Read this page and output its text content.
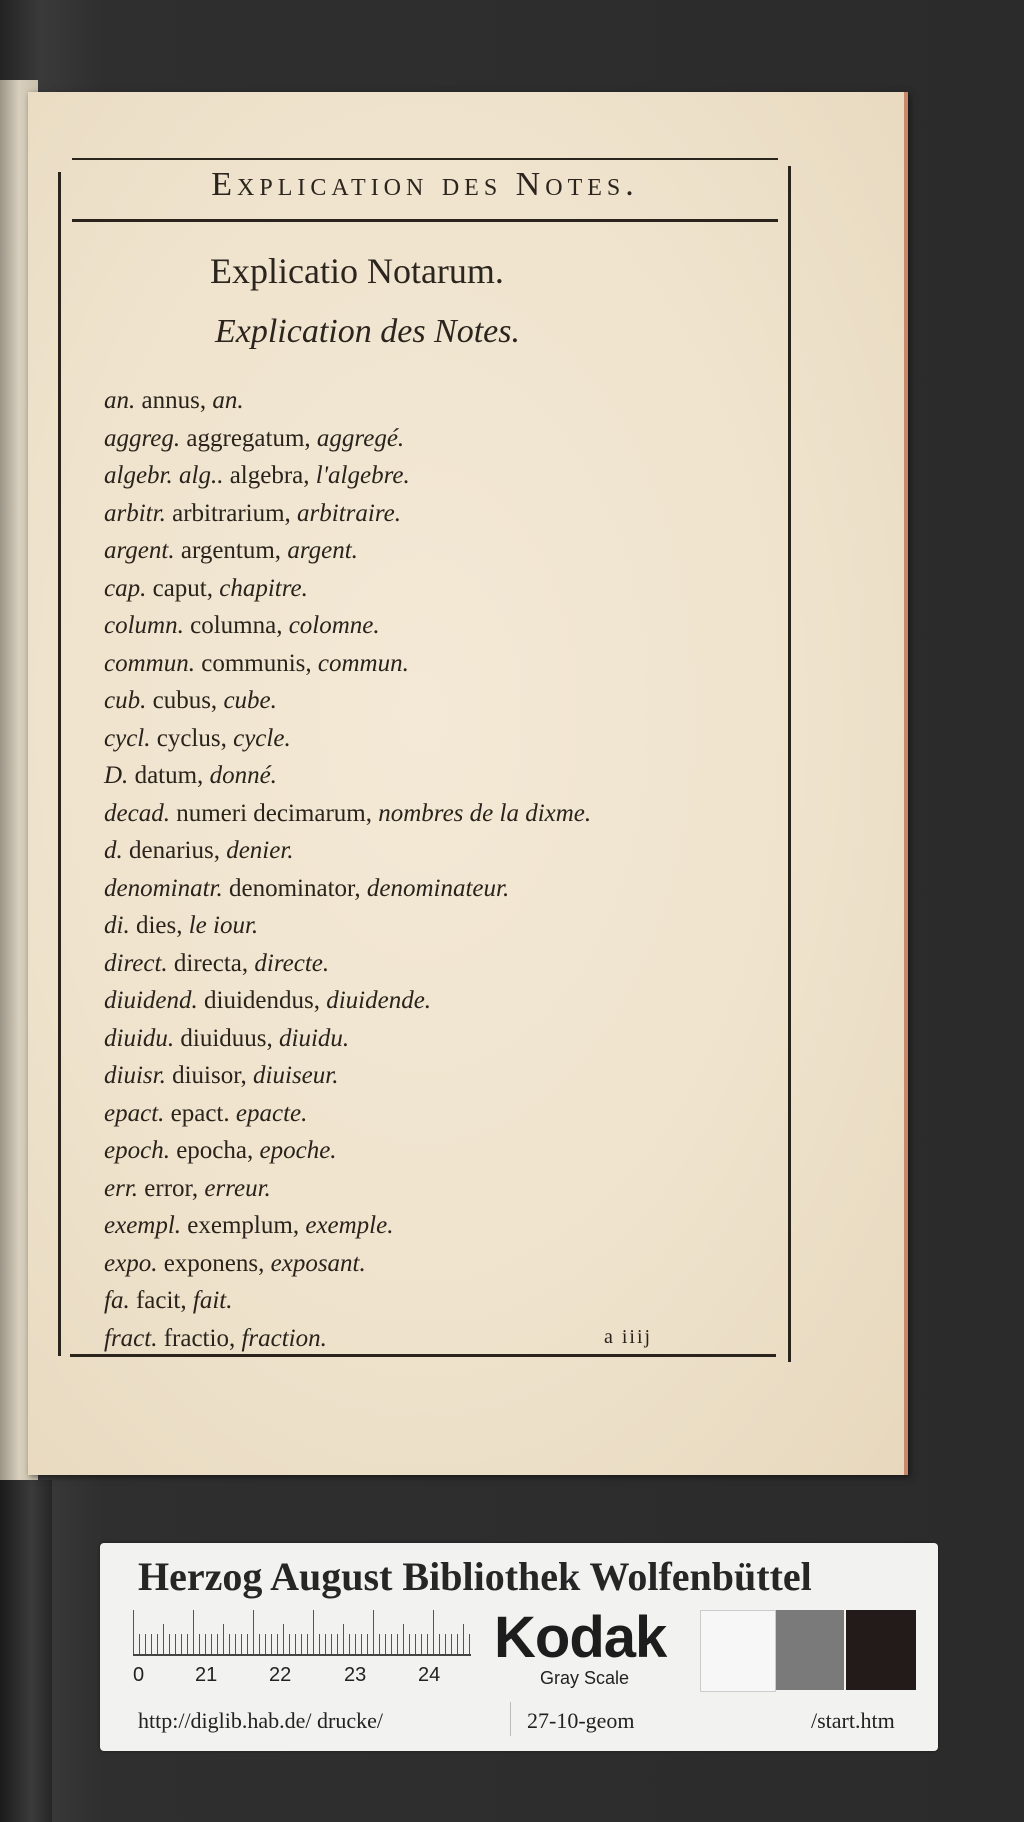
Explication des Notes.
Explicatio Notarum.
Explication des Notes.
an. annus, an.
aggreg. aggregatum, aggregé.
algebr. alg.. algebra, l'algebre.
arbitr. arbitrarium, arbitraire.
argent. argentum, argent.
cap. caput, chapitre.
column. columna, colomne.
commun. communis, commun.
cub. cubus, cube.
cycl. cyclus, cycle.
D. datum, donné.
decad. numeri decimarum, nombres de la dixme.
d. denarius, denier.
denominatr. denominator, denominateur.
di. dies, le iour.
direct. directa, directe.
diuidend. diuidendus, diuidende.
diuidu. diuiduus, diuidu.
diuisr. diuisor, diuiseur.
epact. epact. epacte.
epoch. epocha, epoche.
err. error, erreur.
exempl. exemplum, exemple.
expo. exponens, exposant.
fa. facit, fait.
fract. fractio, fraction.	a iiij
Herzog August Bibliothek Wolfenbüttel
0	21	22	23	24
Kodak
Gray Scale
http://diglib.hab.de/ drucke/	27-10-geom	/start.htm
